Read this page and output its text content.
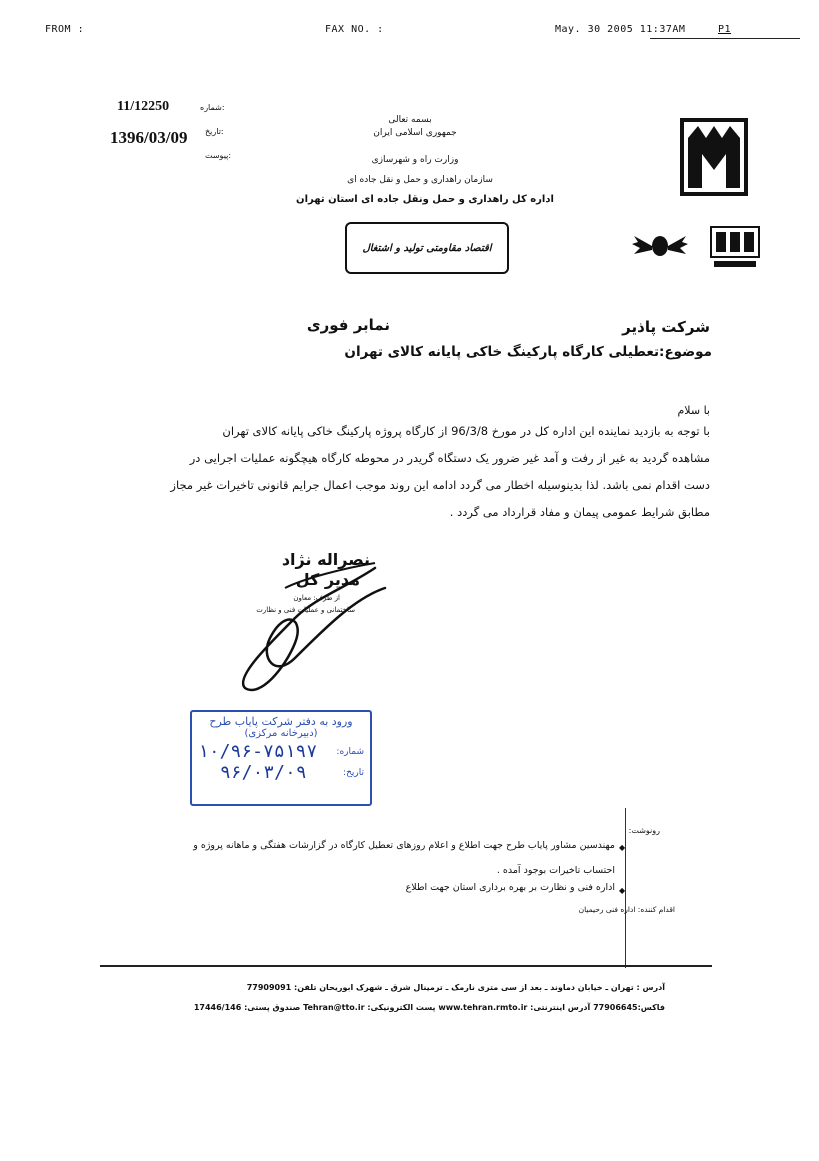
FROM :	FAX NO. :	May. 30 2005 11:37AM	P1
شماره:
11/12250
تاریخ:
1396/03/09
پیوست:
بسمه تعالی
جمهوری اسلامی ایران
وزارت راه و شهرسازی
سازمان راهداری و حمل و نقل جاده ای
اداره کل راهداری و حمل ونقل جاده ای استان تهران
اقتصاد مقاومتی تولید و اشتغال
شرکت پاذیر
نمابر فوری
موضوع:تعطیلی کارگاه پارکینگ خاکی پایانه کالای تهران
با سلام
با توجه به بازدید نماینده این اداره کل در مورخ 96/3/8 از کارگاه پروژه پارکینگ خاکی پایانه کالای تهران
مشاهده گردید به غیر از رفت و آمد غیر ضرور یک دستگاه گریدر در محوطه کارگاه هیچگونه عملیات اجرایی در
دست اقدام نمی باشد. لذا بدینوسیله اخطار می گردد ادامه این روند موجب اعمال جرایم قانونی تاخیرات غیر مجاز
مطابق شرایط عمومی پیمان و مفاد قرارداد می گردد .
نصراله نژاد
مدیر کل
از طرف: معاون
ساختمانی و عملیات فنی و نظارت
ورود به دفتر شرکت پایاب طرح
(دبیرخانه مرکزی)
۱۰/۹۶-۷۵۱۹۷ شماره:
۹۶/۰۳/۰۹	تاریخ:
رونوشت:
◆
مهندسین مشاور پایاب طرح جهت اطلاع و اعلام روزهای تعطیل کارگاه در گزارشات هفتگی و ماهانه پروژه و
احتساب تاخیرات بوجود آمده .
◆
اداره فنی و نظارت بر بهره برداری استان جهت اطلاع
اقدام کننده: اداره فنی رحیمیان
آدرس : تهران ـ خیابان دماوند ـ بعد از سی متری نارمک ـ ترمینال شرق ـ شهرک ابوریحان تلفن: 77909091
فاکس:77906645 آدرس اینترنتی: www.tehran.rmto.ir پست الکترونیکی: Tehran@tto.ir صندوق پستی: 17446/146
